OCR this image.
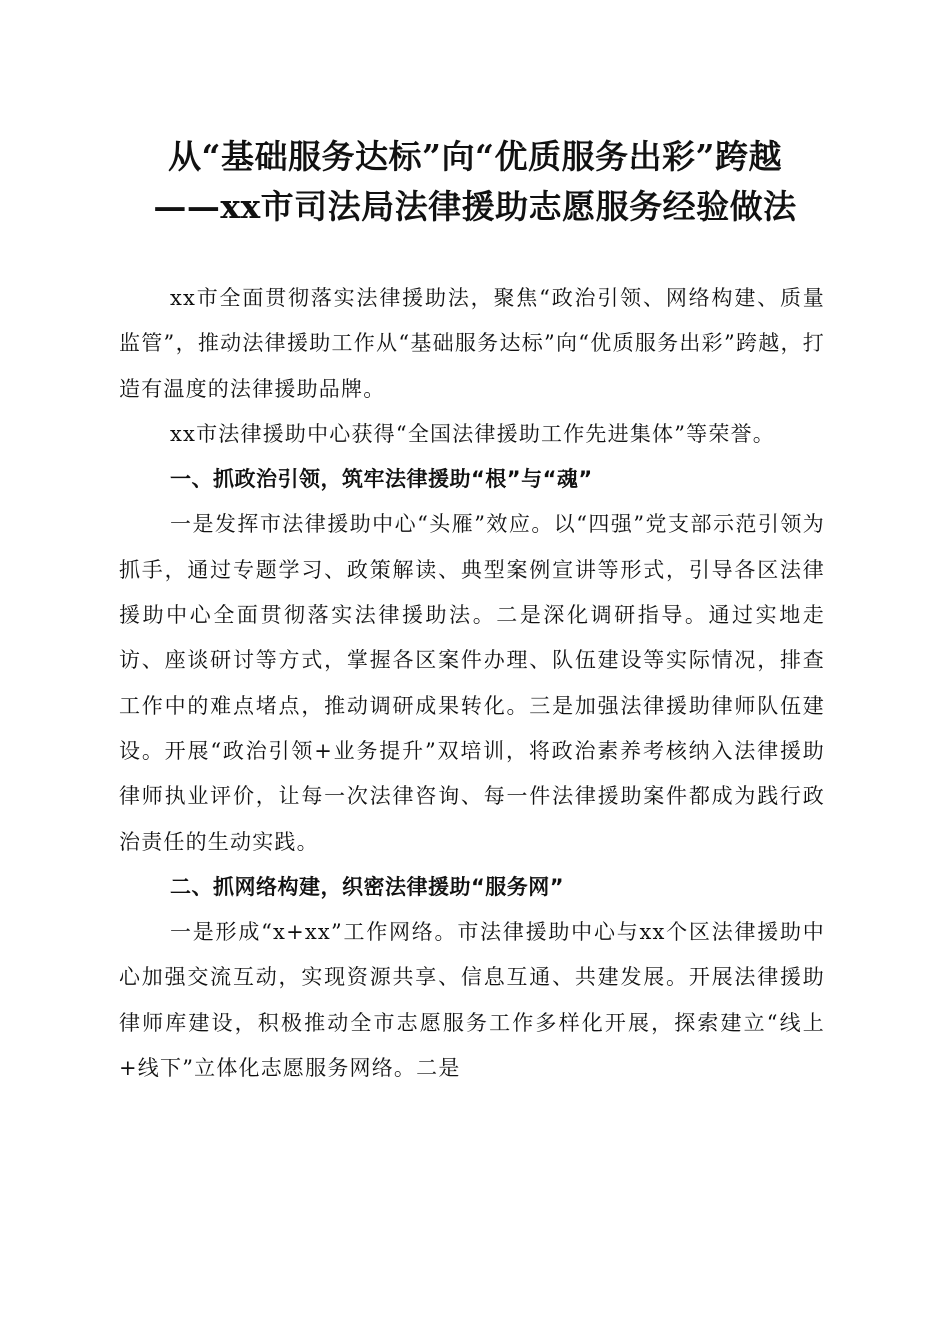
从“基础服务达标”向“优质服务出彩”跨越
——xx市司法局法律援助志愿服务经验做法

xx市全面贯彻落实法律援助法，聚焦“政治引领、网络构建、质量监管”，推动法律援助工作从“基础服务达标”向“优质服务出彩”跨越，打造有温度的法律援助品牌。

xx市法律援助中心获得“全国法律援助工作先进集体”等荣誉。

一、抓政治引领，筑牢法律援助“根”与“魂”

一是发挥市法律援助中心“头雁”效应。以“四强”党支部示范引领为抓手，通过专题学习、政策解读、典型案例宣讲等形式，引导各区法律援助中心全面贯彻落实法律援助法。二是深化调研指导。通过实地走访、座谈研讨等方式，掌握各区案件办理、队伍建设等实际情况，排查工作中的难点堵点，推动调研成果转化。三是加强法律援助律师队伍建设。开展“政治引领+业务提升”双培训，将政治素养考核纳入法律援助律师执业评价，让每一次法律咨询、每一件法律援助案件都成为践行政治责任的生动实践。

二、抓网络构建，织密法律援助“服务网”

一是形成“x+xx”工作网络。市法律援助中心与xx个区法律援助中心加强交流互动，实现资源共享、信息互通、共建发展。开展法律援助律师库建设，积极推动全市志愿服务工作多样化开展，探索建立“线上+线下”立体化志愿服务网络。二是
